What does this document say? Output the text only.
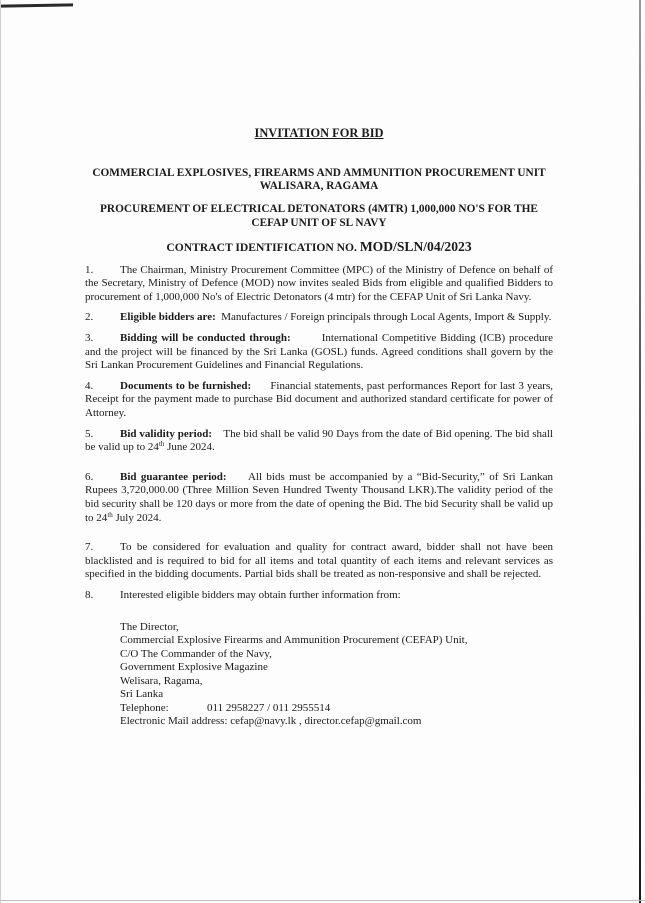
INVITATION FOR BID
COMMERCIAL EXPLOSIVES, FIREARMS AND AMMUNITION PROCUREMENT UNIT WALISARA, RAGAMA
PROCUREMENT OF ELECTRICAL DETONATORS (4MTR) 1,000,000 NO'S FOR THE CEFAP UNIT OF SL NAVY
CONTRACT IDENTIFICATION NO. MOD/SLN/04/2023

1. The Chairman, Ministry Procurement Committee (MPC) of the Ministry of Defence on behalf of the Secretary, Ministry of Defence (MOD) now invites sealed Bids from eligible and qualified Bidders to procurement of 1,000,000 No's of Electric Detonators (4 mtr) for the CEFAP Unit of Sri Lanka Navy.

2. Eligible bidders are: Manufactures / Foreign principals through Local Agents, Import & Supply.

3. Bidding will be conducted through:	International Competitive Bidding (ICB) procedure and the project will be financed by the Sri Lanka (GOSL) funds. Agreed conditions shall govern by the Sri Lankan Procurement Guidelines and Financial Regulations.

4. Documents to be furnished: Financial statements, past performances Report for last 3 years, Receipt for the payment made to purchase Bid document and authorized standard certificate for power of Attorney.

5. Bid validity period: The bid shall be valid 90 Days from the date of Bid opening. The bid shall be valid up to 24th June 2024.

6. Bid guarantee period: All bids must be accompanied by a “Bid-Security,” of Sri Lankan Rupees 3,720,000.00 (Three Million Seven Hundred Twenty Thousand LKR).The validity period of the bid security shall be 120 days or more from the date of opening the Bid. The bid Security shall be valid up to 24th July 2024.

7. To be considered for evaluation and quality for contract award, bidder shall not have been blacklisted and is required to bid for all items and total quantity of each items and relevant services as specified in the bidding documents. Partial bids shall be treated as non-responsive and shall be rejected.

8. Interested eligible bidders may obtain further information from:

The Director,
Commercial Explosive Firearms and Ammunition Procurement (CEFAP) Unit,
C/O The Commander of the Navy,
Government Explosive Magazine
Welisara, Ragama,
Sri Lanka
Telephone:	011 2958227 / 011 2955514
Electronic Mail address: cefap@navy.lk , director.cefap@gmail.com
